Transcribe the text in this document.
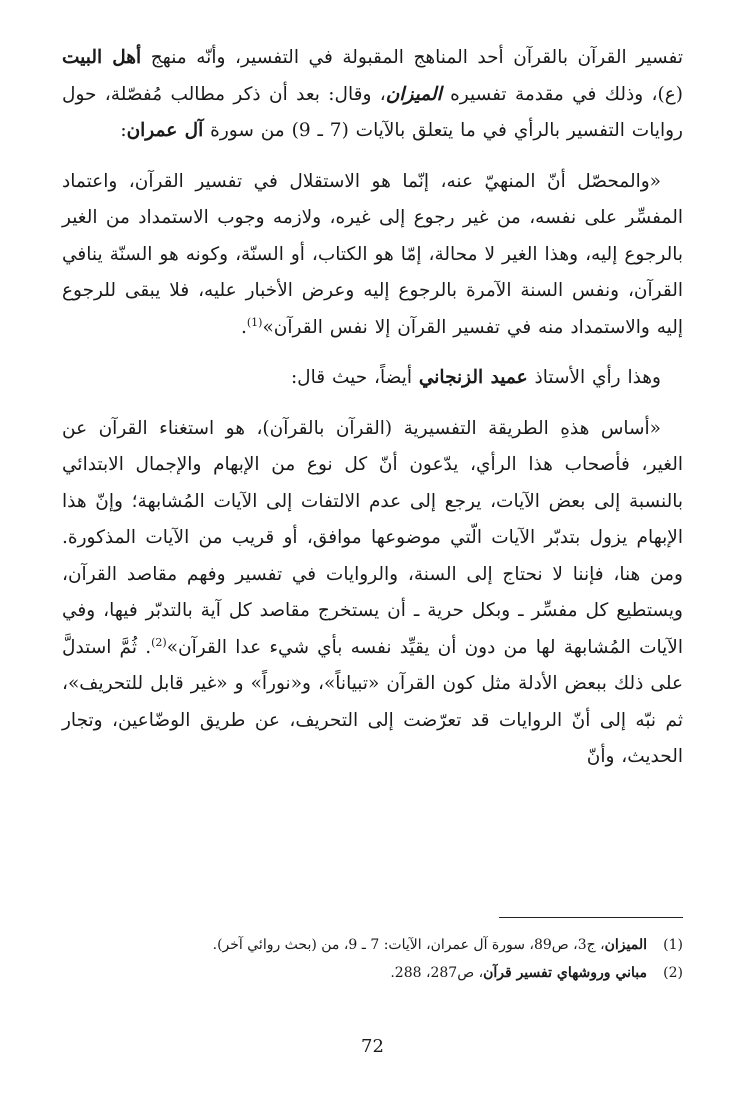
تفسير القرآن بالقرآن أحد المناهج المقبولة في التفسير، وأنّه منهج أهل البيت (ع)، وذلك في مقدمة تفسيره الميزان، وقال: بعد أن ذكر مطالب مُفصّلة، حول روايات التفسير بالرأي في ما يتعلق بالآيات (7 ـ 9) من سورة آل عمران:

«والمحصّل أنّ المنهيّ عنه، إنّما هو الاستقلال في تفسير القرآن، واعتماد المفسِّر على نفسه، من غير رجوع إلى غيره، ولازمه وجوب الاستمداد من الغير بالرجوع إليه، وهذا الغير لا محالة، إمّا هو الكتاب، أو السنّة، وكونه هو السنّة ينافي القرآن، ونفس السنة الآمرة بالرجوع إليه وعرض الأخبار عليه، فلا يبقى للرجوع إليه والاستمداد منه في تفسير القرآن إلا نفس القرآن»$^{(1)}$.

وهذا رأي الأستاذ عميد الزنجاني أيضاً، حيث قال:

«أساس هذهِ الطريقة التفسيرية (القرآن بالقرآن)، هو استغناء القرآن عن الغير، فأصحاب هذا الرأي، يدّعون أنّ كل نوع من الإبهام والإجمال الابتدائي بالنسبة إلى بعض الآيات، يرجع إلى عدم الالتفات إلى الآيات المُشابهة؛ وإنّ هذا الإبهام يزول بتدبّر الآيات الّتي موضوعها موافق، أو قريب من الآيات المذكورة. ومن هنا، فإننا لا نحتاج إلى السنة، والروايات في تفسير وفهم مقاصد القرآن، ويستطيع كل مفسِّر ـ وبكل حرية ـ أن يستخرج مقاصد كل آية بالتدبّر فيها، وفي الآيات المُشابهة لها من دون أن يقيِّد نفسه بأي شيء عدا القرآن»$^{(2)}$. ثُمَّ استدلَّ على ذلك ببعض الأدلة مثل كون القرآن «تبياناً»، و«نوراً» و «غير قابل للتحريف»، ثم نبّه إلى أنّ الروايات قد تعرّضت إلى التحريف، عن طريق الوضّاعين، وتجار الحديث، وأنّ

(1)
الميزان، ج3، ص89، سورة آل عمران، الآيات: 7 ـ 9، من (بحث روائي آخر).
(2)
مباني وروشهاي تفسير قرآن، ص287، 288.
72
